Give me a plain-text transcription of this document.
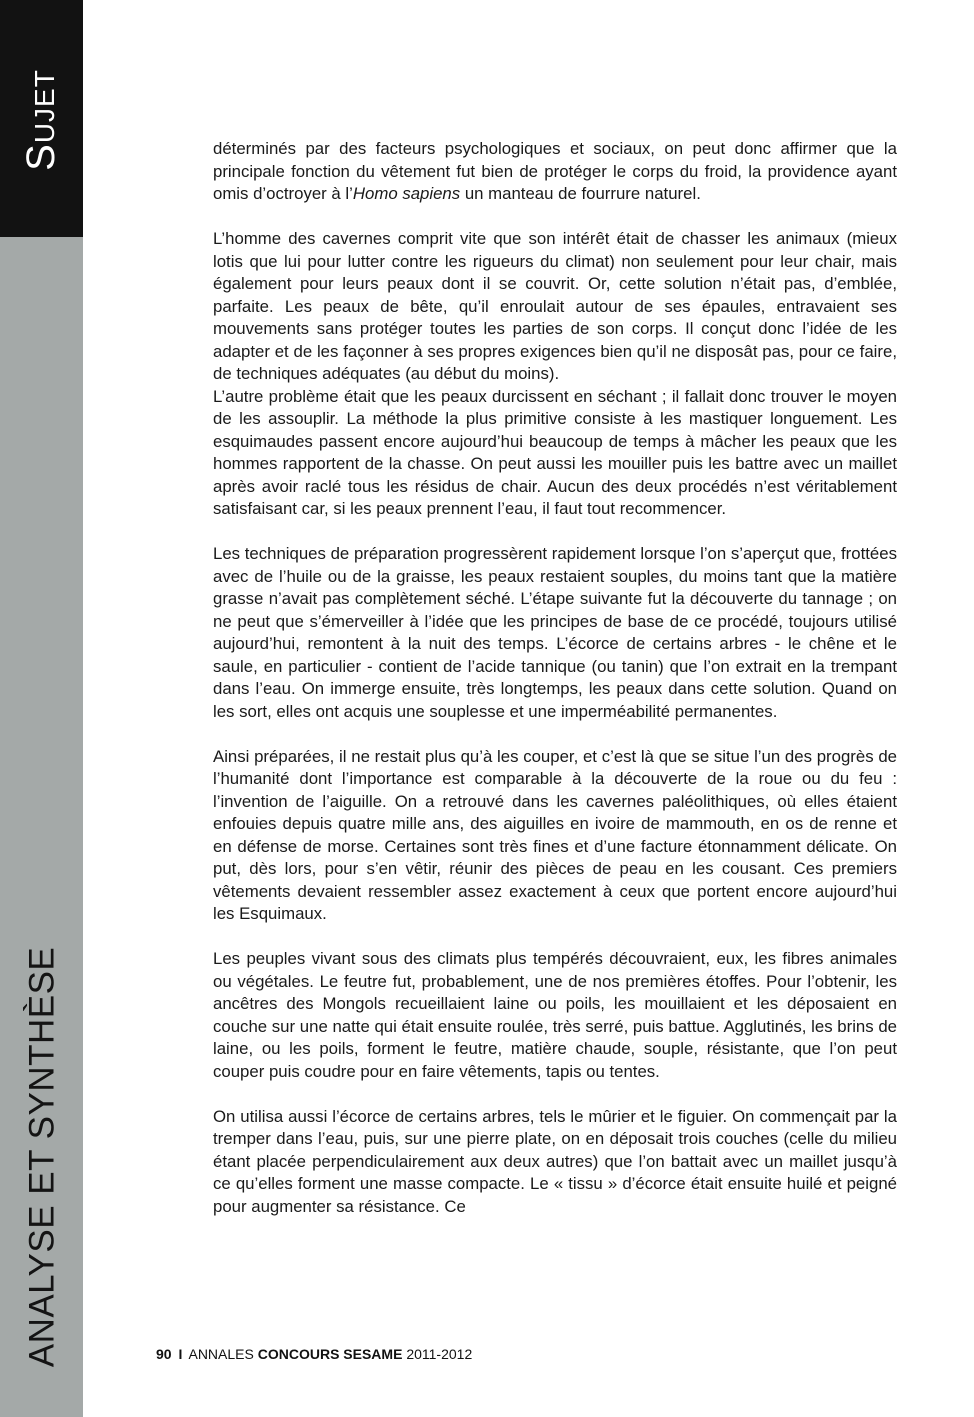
Sujet
ANALYSE ET SYNTHÈSE

déterminés par des facteurs psychologiques et sociaux, on peut donc affirmer que la principale fonction du vêtement fut bien de protéger le corps du froid, la providence ayant omis d’octroyer à l’Homo sapiens un manteau de fourrure naturel.

L’homme des cavernes comprit vite que son intérêt était de chasser les animaux (mieux lotis que lui pour lutter contre les rigueurs du climat) non seulement pour leur chair, mais également pour leurs peaux dont il se couvrit. Or, cette solution n’était pas, d’emblée, parfaite. Les peaux de bête, qu’il enroulait autour de ses épaules, entravaient ses mouvements sans protéger toutes les parties de son corps. Il conçut donc l’idée de les adapter et de les façonner à ses propres exigences bien qu’il ne disposât pas, pour ce faire, de techniques adéquates (au début du moins).

L’autre problème était que les peaux durcissent en séchant ; il fallait donc trouver le moyen de les assouplir. La méthode la plus primitive consiste à les mastiquer longuement. Les esquimaudes passent encore aujourd’hui beaucoup de temps à mâcher les peaux que les hommes rapportent de la chasse. On peut aussi les mouiller puis les battre avec un maillet après avoir raclé tous les résidus de chair. Aucun des deux procédés n’est véritablement satisfaisant car, si les peaux prennent l’eau, il faut tout recommencer.

Les techniques de préparation progressèrent rapidement lorsque l’on s’aperçut que, frottées avec de l’huile ou de la graisse, les peaux restaient souples, du moins tant que la matière grasse n’avait pas complètement séché. L’étape suivante fut la découverte du tannage ; on ne peut que s’émerveiller à l’idée que les principes de base de ce procédé, toujours utilisé aujourd’hui, remontent à la nuit des temps. L’écorce de certains arbres - le chêne et le saule, en particulier - contient de l’acide tannique (ou tanin) que l’on extrait en la trempant dans l’eau. On immerge ensuite, très longtemps, les peaux dans cette solution. Quand on les sort, elles ont acquis une souplesse et une imperméabilité permanentes.

Ainsi préparées, il ne restait plus qu’à les couper, et c’est là que se situe l’un des progrès de l’humanité dont l’importance est comparable à la découverte de la roue ou du feu : l’invention de l’aiguille. On a retrouvé dans les cavernes paléolithiques, où elles étaient enfouies depuis quatre mille ans, des aiguilles en ivoire de mammouth, en os de renne et en défense de morse. Certaines sont très fines et d’une facture étonnamment délicate. On put, dès lors, pour s’en vêtir, réunir des pièces de peau en les cousant. Ces premiers vêtements devaient ressembler assez exactement à ceux que portent encore aujourd’hui les Esquimaux.

Les peuples vivant sous des climats plus tempérés découvraient, eux, les fibres animales ou végétales. Le feutre fut, probablement, une de nos premières étoffes. Pour l’obtenir, les ancêtres des Mongols recueillaient laine ou poils, les mouillaient et les déposaient en couche sur une natte qui était ensuite roulée, très serré, puis battue. Agglutinés, les brins de laine, ou les poils, forment le feutre, matière chaude, souple, résistante, que l’on peut couper puis coudre pour en faire vêtements, tapis ou tentes.

On utilisa aussi l’écorce de certains arbres, tels le mûrier et le figuier. On commençait par la tremper dans l’eau, puis, sur une pierre plate, on en déposait trois couches (celle du milieu étant placée perpendiculairement aux deux autres) que l’on battait avec un maillet jusqu’à ce qu’elles forment une masse compacte. Le « tissu » d’écorce était ensuite huilé et peigné pour augmenter sa résistance. Ce

90 I ANNALES CONCOURS SESAME 2011-2012
